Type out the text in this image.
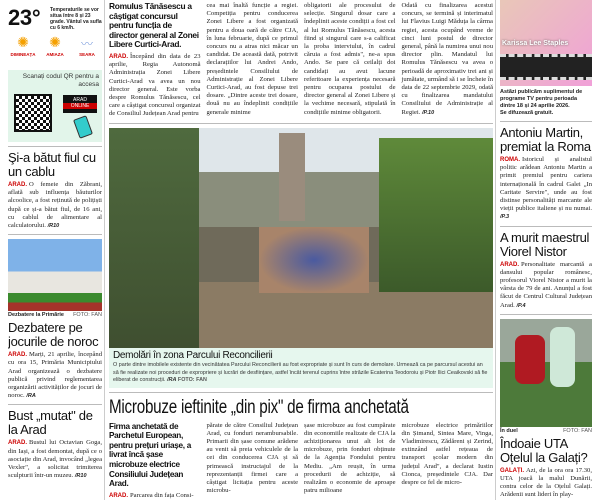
23° Temperaturile se vor situa între 8 și 23 grade. Vântul va sufla cu 6 km/h.
✺
DIMINEAȚA
✺
AMIAZA
〰
SEARA
Scanați codul QR pentru a accesa
ARAD
ONLINE
Şi-a bătut fiul cu un cablu
ARAD. O femeie din Zăbrani, aflată sub influența băuturilor alcoolice, a fost reținută de polițiști după ce și-a bătut fiul, de 16 ani, cu cablul de alimentare al calculatorului. /R10
Dezbatere la Primărie FOTO: FAN
Dezbatere pe jocurile de noroc
ARAD. Marți, 21 aprilie, începând cu ora 15, Primăria Municipiului Arad organizează o dezbatere publică privind reglementarea organizării activităților de jocuri de noroc. /RA
Bust „mutat" de la Arad
ARAD. Bustul lui Octavian Goga, din Iași, a fost demontat, după ce o asociație din Arad, invocând „legea Vexler", a solicitat trimiterea sculpturii într-un muzeu. /R10
Romulus Tănăsescu a câștigat concursul pentru funcția de director general al Zonei Libere Curtici-Arad.
ARAD. Începând din data de 23 aprilie, Regia Autonomă Administrația Zonei Libere Curtici-Arad va avea un nou director general. Este vorba despre Romulus Tănăsescu, cel care a câștigat concursul organizat de Consiliul Județean Arad pentru
cea mai înaltă funcție a regiei. Competiția pentru conducerea Zonei Libere a fost organizată pentru a doua oară de către CJA, în luna februarie, după ce primul concurs nu a atras nici măcar un candidat. De această dată, potrivit declarațiilor lui Andrei Ando, președintele Consiliului de Administrație al Zonei Libere Curtici-Arad, au fost depuse trei dosare. „Dintre aceste trei dosare, două nu au îndeplinit condițiile generale minime
obligatorii ale procesului de selecție. Singurul dosar care a îndeplinit aceste condiții a fost cel al lui Romulus Tănăsescu, acesta fiind și singurul care s-a calificat la proba interviului, în cadrul căruia a fost admis", ne-a spus Ando. Se pare că ceilalți doi candidați au avut lacune referitoare la experiența necesară pentru ocuparea postului de director general al Zonei Libere și la vechime necesară, stipulată în condițiile minime obligatorii.
Odată cu finalizarea acestui concurs, se termină și interimatul lui Flavius Luigi Măduța la cârma regiei, acesta ocupând vreme de cinci luni postul de director general, până la numirea unui nou director plin. Mandatul lui Romulus Tănăsescu va avea o perioadă de aproximativ trei ani și jumătate, urmând să i se încheie în data de 22 septembrie 2029, odată cu finalizarea mandatului Consiliului de Administrație al Regiei. /P.10
Demolări în zona Parcului Reconcilierii
O parte dintre imobilele existente din vecinătatea Parcului Reconcilierii au fost expropriate și sunt în curs de demolare. Urmează ca pe parcursul acestui an să fie realizate noi proceduri de expropriere și lucrări de desființare, astfel încât terenul cuprins între străzile Ecaterina Teodoroiu și Piotr Ilici Ceaikovski să fie eliberat de construcții. /RA FOTO: FAN
Microbuze ieftinite „din pix" de firma anchetată
Firma anchetată de Parchetul European, pentru prețuri uriașe, a livrat încă șase microbuze electrice Consiliului Județean Arad.
ARAD. Parcarea din fața Consi-
părate de către Consiliul Județean Arad, cu fonduri nerambursabile. Primarii din șase comune arădene au venit să preia vehiculele de la cei din conducerea CJA și să primească instructajul de la reprezentanții firmei care a câștigat licitația pentru aceste microbu-
șase microbuze au fost cumpărate din economiile realizate de CJA la achiziționarea unui alt lot de microbuze, prin fonduri obținute de la Agenția Fondului pentru Mediu. „Am reușit, în urma procedurii de achiziție, să realizăm o economie de aproape patru milioane
microbuze electrice primăriilor din Șimand, Sintea Mare, Vinga, Vladimirescu, Zădăreni și Zerind, extinzând astfel rețeaua de transport școlar modern din județul Arad", a declarat Iustin Cionca, președintele CJA. Dar despre ce fel de micro-
Karissa Lee Staples
Astăzi publicăm suplimentul de programe TV pentru perioada dintre 18 și 24 aprilie 2026.
Se difuzează gratuit.
Antoniu Martin, premiat la Roma
ROMA. Istoricul și analistul politic arădean Antoniu Martin a primit premiul pentru cariera internațională în cadrul Galei „In Caritate Servire", unde au fost distinse personalități marcante ale vieții publice italiene și nu numai. /P.3
A murit maestrul Viorel Nistor
ARAD. Personalitate marcantă a dansului popular românesc, profesorul Viorel Nistor a murit la vârsta de 79 de ani. Anunțul a fost făcut de Centrul Cultural Județean Arad. /P.4
În duel	FOTO: FAN
Îndoaie UTA Oțelul la Galați?
GALAȚI. Azi, de la ora ora 17.30, UTA joacă la malul Dunării, contra celor de la Oțelul Galați. Arădenii sunt lideri în play-
